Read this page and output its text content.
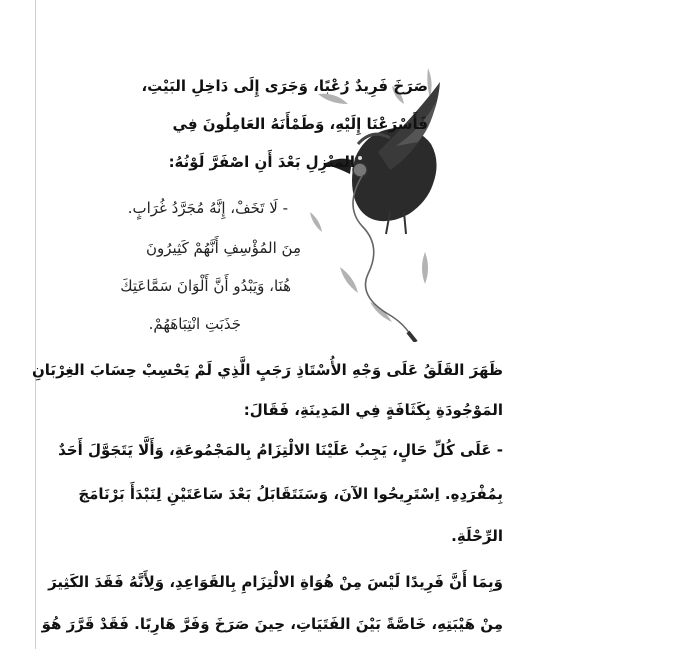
صَرَخَ فَرِيدٌ رُعْبًا، وَجَرَى إِلَى دَاخِلِ البَيْتِ،
فَأَسْرَعْنَا إِلَيْهِ، وَطَمْأَنَهُ العَامِلُونَ فِي
المَنْزِلِ بَعْدَ أَنِ اصْفَرَّ لَوْنُهُ:
- لَا تَخَفْ، إِنَّهُ مُجَرَّدُ غُرَابٍ.
مِنَ المُؤْسِفِ أَنَّهُمْ كَثِيرُونَ
هُنَا، وَيَبْدُو أَنَّ أَلْوَانَ سَمَّاعَتِكَ
جَذَبَتِ انْتِبَاهَهُمْ.
ظَهَرَ القَلَقُ عَلَى وَجْهِ الأُسْتَاذِ رَجَبٍ الَّذِي لَمْ يَحْسِبْ حِسَابَ الغِرْبَانِ
المَوْجُودَةِ بِكَثَافَةٍ فِي المَدِينَةِ، فَقَالَ:
- عَلَى كُلِّ حَالٍ، يَجِبُ عَلَيْنَا الالْتِزَامُ بِالمَجْمُوعَةِ، وَأَلَّا يَتَجَوَّلَ أَحَدٌ
بِمُفْرَدِهِ. اِسْتَرِيحُوا الآنَ، وَسَنَتَقَابَلُ بَعْدَ سَاعَتَيْنِ لِنَبْدَأَ بَرْنَامَجَ
الرِّحْلَةِ.
وَبِمَا أَنَّ فَرِيدًا لَيْسَ مِنْ هُوَاةِ الالْتِزَامِ بِالقَوَاعِدِ، وَلِأَنَّهُ فَقَدَ الكَثِيرَ
مِنْ هَيْبَتِهِ، خَاصَّةً بَيْنَ الفَتَيَاتِ، حِينَ صَرَخَ وَفَرَّ هَارِبًا. فَقَدْ قَرَّرَ هُوَ
